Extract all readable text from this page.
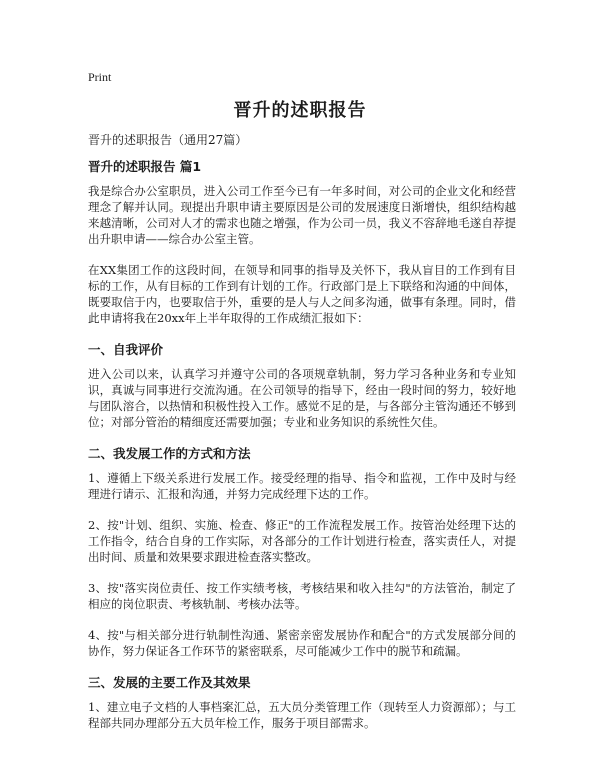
Print
晋升的述职报告

晋升的述职报告（通用27篇）

晋升的述职报告 篇1

我是综合办公室职员，进入公司工作至今已有一年多时间，对公司的企业文化和经营理念了解并认同。现提出升职申请主要原因是公司的发展速度日渐增快，组织结构越来越清晰，公司对人才的需求也随之增强，作为公司一员，我义不容辞地毛遂自荐提出升职申请——综合办公室主管。

在XX集团工作的这段时间，在领导和同事的指导及关怀下，我从盲目的工作到有目标的工作，从有目标的工作到有计划的工作。行政部门是上下联络和沟通的中间体，既要取信于内，也要取信于外，重要的是人与人之间多沟通，做事有条理。同时，借此申请将我在20xx年上半年取得的工作成绩汇报如下：

一、自我评价

进入公司以来，认真学习并遵守公司的各项规章轨制，努力学习各种业务和专业知识，真诚与同事进行交流沟通。在公司领导的指导下，经由一段时间的努力，较好地与团队溶合，以热情和积极性投入工作。感觉不足的是，与各部分主管沟通还不够到位；对部分管治的精细度还需要加强；专业和业务知识的系统性欠佳。

二、我发展工作的方式和方法

1、遵循上下级关系进行发展工作。接受经理的指导、指令和监视，工作中及时与经理进行请示、汇报和沟通，并努力完成经理下达的工作。

2、按"计划、组织、实施、检查、修正"的工作流程发展工作。按管治处经理下达的工作指令，结合自身的工作实际，对各部分的工作计划进行检查，落实责任人，对提出时间、质量和效果要求跟进检查落实整改。

3、按"落实岗位责任、按工作实绩考核，考核结果和收入挂勾"的方法管治，制定了相应的岗位职责、考核轨制、考核办法等。

4、按"与相关部分进行轨制性沟通、紧密亲密发展协作和配合"的方式发展部分间的协作，努力保证各工作环节的紧密联系，尽可能减少工作中的脱节和疏漏。

三、发展的主要工作及其效果

1、建立电子文档的人事档案汇总，五大员分类管理工作（现转至人力资源部）；与工程部共同办理部分五大员年检工作，服务于项目部需求。
